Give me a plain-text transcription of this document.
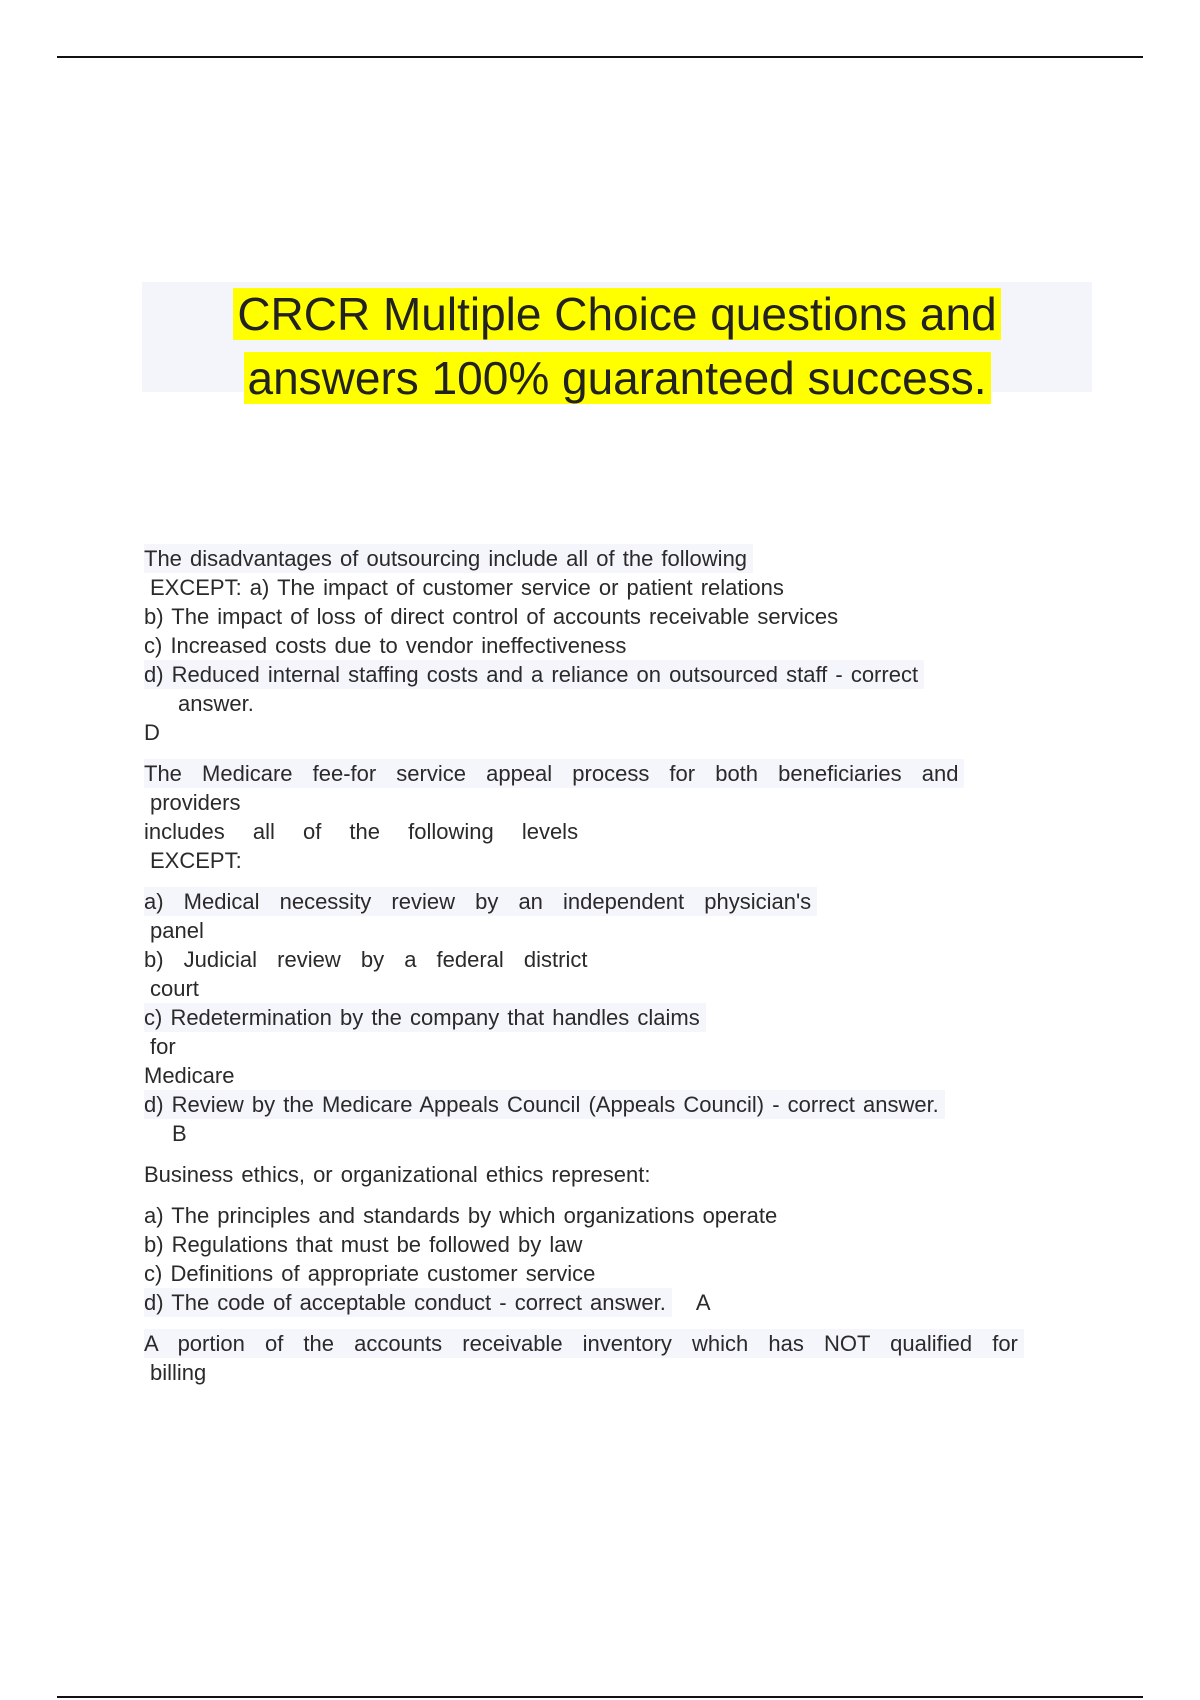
CRCR Multiple Choice questions and
answers 100% guaranteed success.
The disadvantages of outsourcing include all of the following
EXCEPT: a) The impact of customer service or patient relations
b) The impact of loss of direct control of accounts receivable services
c) Increased costs due to vendor ineffectiveness
d) Reduced internal staffing costs and a reliance on outsourced staff - correct
answer.
D
The Medicare fee-for service appeal process for both beneficiaries and
providers
includes all of the following levels
EXCEPT:
a) Medical necessity review by an independent physician's
panel
b) Judicial review by a federal district
court
c) Redetermination by the company that handles claims
for
Medicare
d) Review by the Medicare Appeals Council (Appeals Council) - correct answer.
B
Business ethics, or organizational ethics represent:
a) The principles and standards by which organizations operate
b) Regulations that must be followed by law
c) Definitions of appropriate customer service
d) The code of acceptable conduct - correct answer. A
A portion of the accounts receivable inventory which has NOT qualified for
billing
